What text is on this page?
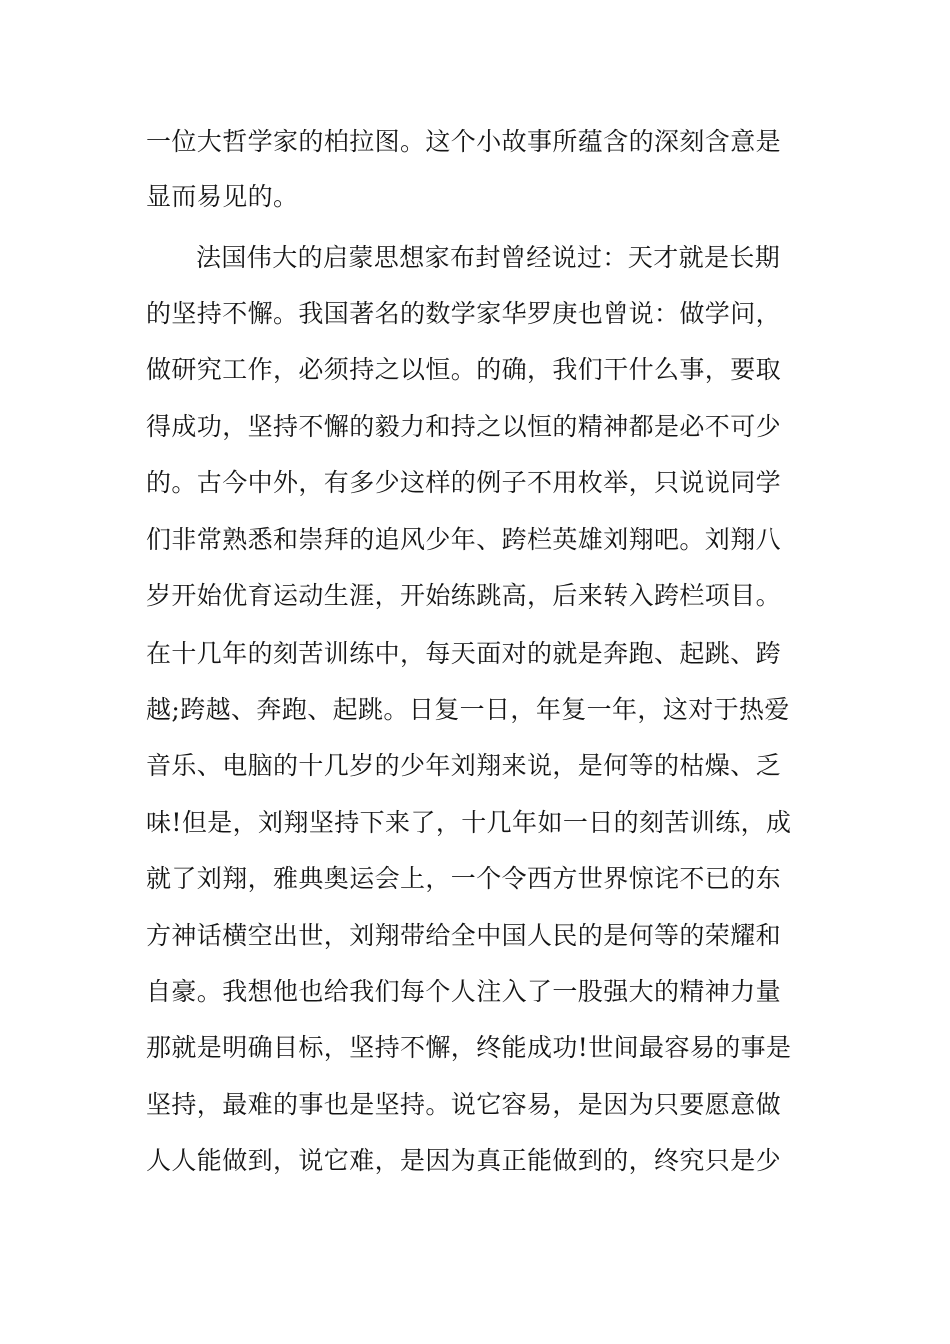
一位大哲学家的柏拉图。这个小故事所蕴含的深刻含意是
显而易见的。
法国伟大的启蒙思想家布封曾经说过：天才就是长期
的坚持不懈。我国著名的数学家华罗庚也曾说：做学问，
做研究工作，必须持之以恒。的确，我们干什么事，要取
得成功，坚持不懈的毅力和持之以恒的精神都是必不可少
的。古今中外，有多少这样的例子不用枚举，只说说同学
们非常熟悉和崇拜的追风少年、跨栏英雄刘翔吧。刘翔八
岁开始优育运动生涯，开始练跳高，后来转入跨栏项目。
在十几年的刻苦训练中，每天面对的就是奔跑、起跳、跨
越;跨越、奔跑、起跳。日复一日，年复一年，这对于热爱
音乐、电脑的十几岁的少年刘翔来说，是何等的枯燥、乏
味!但是，刘翔坚持下来了，十几年如一日的刻苦训练，成
就了刘翔，雅典奥运会上，一个令西方世界惊诧不已的东
方神话横空出世，刘翔带给全中国人民的是何等的荣耀和
自豪。我想他也给我们每个人注入了一股强大的精神力量
那就是明确目标，坚持不懈，终能成功!世间最容易的事是
坚持，最难的事也是坚持。说它容易，是因为只要愿意做
人人能做到，说它难，是因为真正能做到的，终究只是少
